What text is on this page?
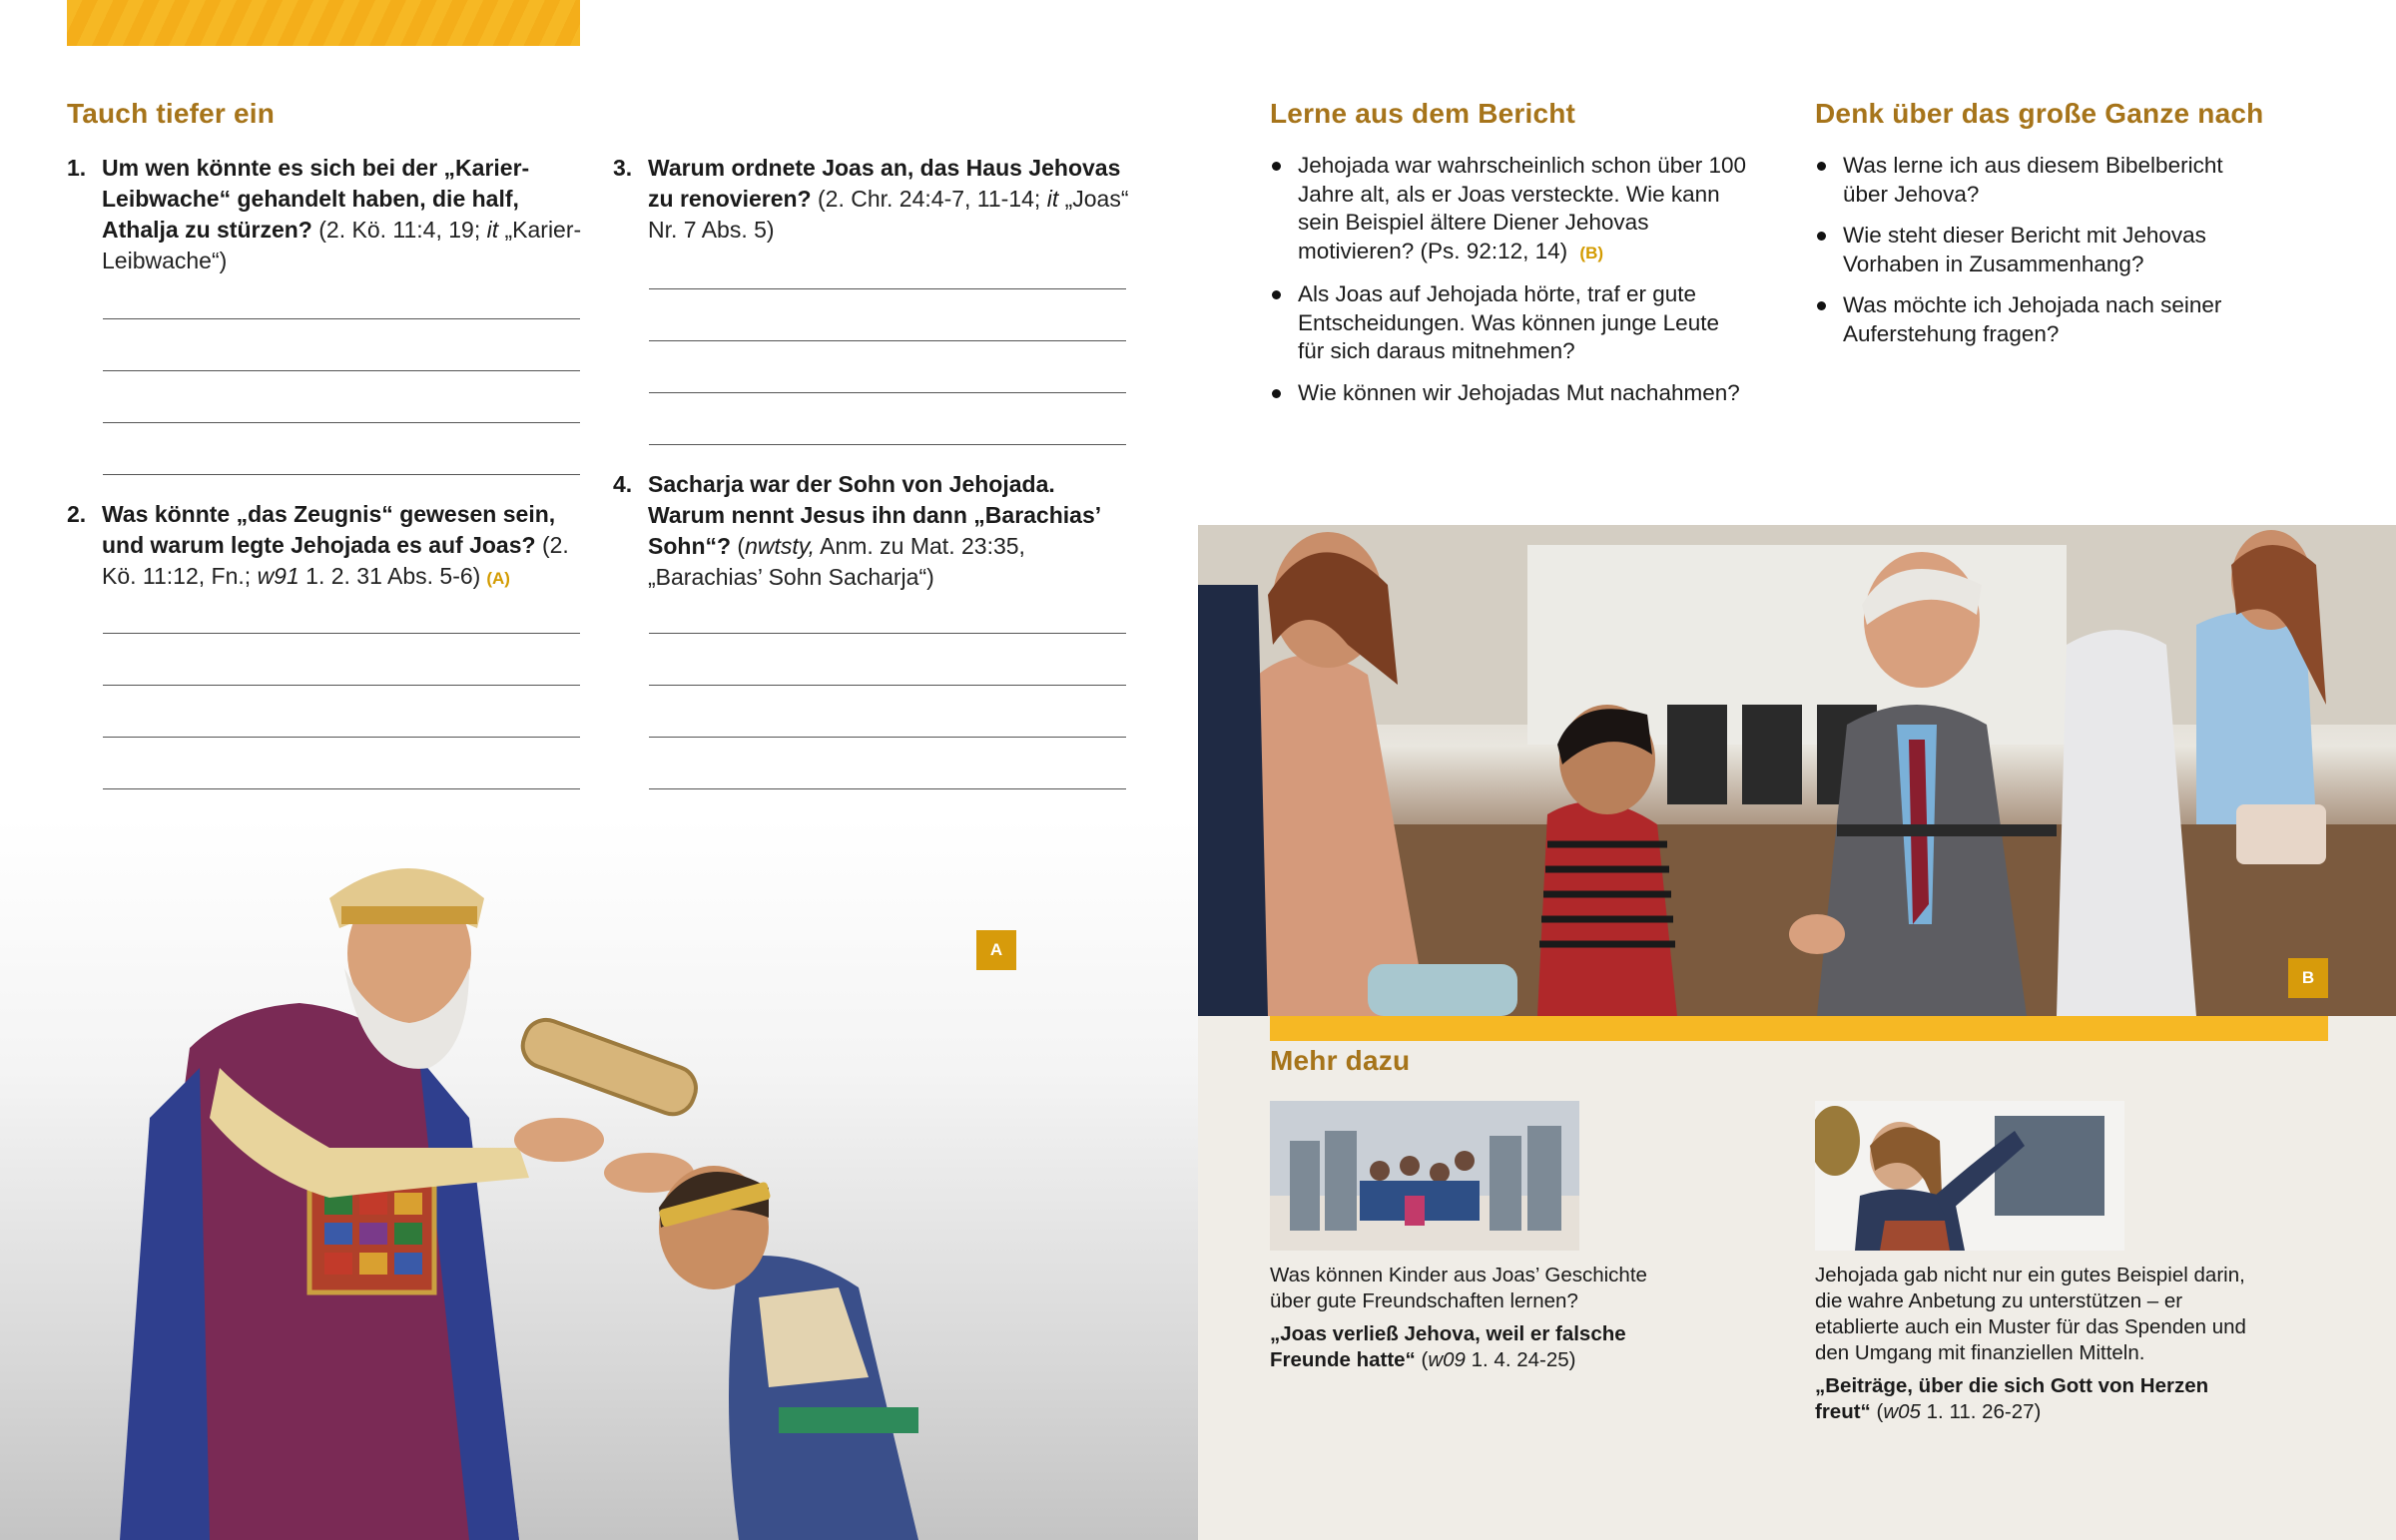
Tauch tiefer ein
1. Um wen könnte es sich bei der „Karier-Leibwache“ gehandelt haben, die half, Athalja zu stürzen? (2. Kö. 11:4, 19; it „Karier-Leibwache“)
2. Was könnte „das Zeugnis“ gewesen sein, und warum legte Jehojada es auf Joas? (2. Kö. 11:12, Fn.; w91 1. 2. 31 Abs. 5-6) (A)
3. Warum ordnete Joas an, das Haus Jehovas zu renovieren? (2. Chr. 24:4-7, 11-14; it „Joas“ Nr. 7 Abs. 5)
4. Sacharja war der Sohn von Jehojada. Warum nennt Jesus ihn dann „Barachias’ Sohn“? (nwtsty, Anm. zu Mat. 23:35, „Barachias’ Sohn Sacharja“)
A
Lerne aus dem Bericht
Jehojada war wahrscheinlich schon über 100 Jahre alt, als er Joas versteckte. Wie kann sein Beispiel ältere Diener Jehovas motivieren? (Ps. 92:12, 14) (B)
Als Joas auf Jehojada hörte, traf er gute Entscheidungen. Was können junge Leute für sich daraus mitnehmen?
Wie können wir Jehojadas Mut nachahmen?
Denk über das große Ganze nach
Was lerne ich aus diesem Bibelbericht über Jehova?
Wie steht dieser Bericht mit Jehovas Vorhaben in Zusammenhang?
Was möchte ich Jehojada nach seiner Auferstehung fragen?
B
Mehr dazu

Was können Kinder aus Joas’ Geschichte über gute Freundschaften lernen?

„Joas verließ Jehova, weil er falsche Freunde hatte“ (w09 1. 4. 24-25)

Jehojada gab nicht nur ein gutes Beispiel darin, die wahre Anbetung zu unterstützen – er etablierte auch ein Muster für das Spenden und den Umgang mit finanziellen Mitteln.

„Beiträge, über die sich Gott von Herzen freut“ (w05 1. 11. 26-27)
